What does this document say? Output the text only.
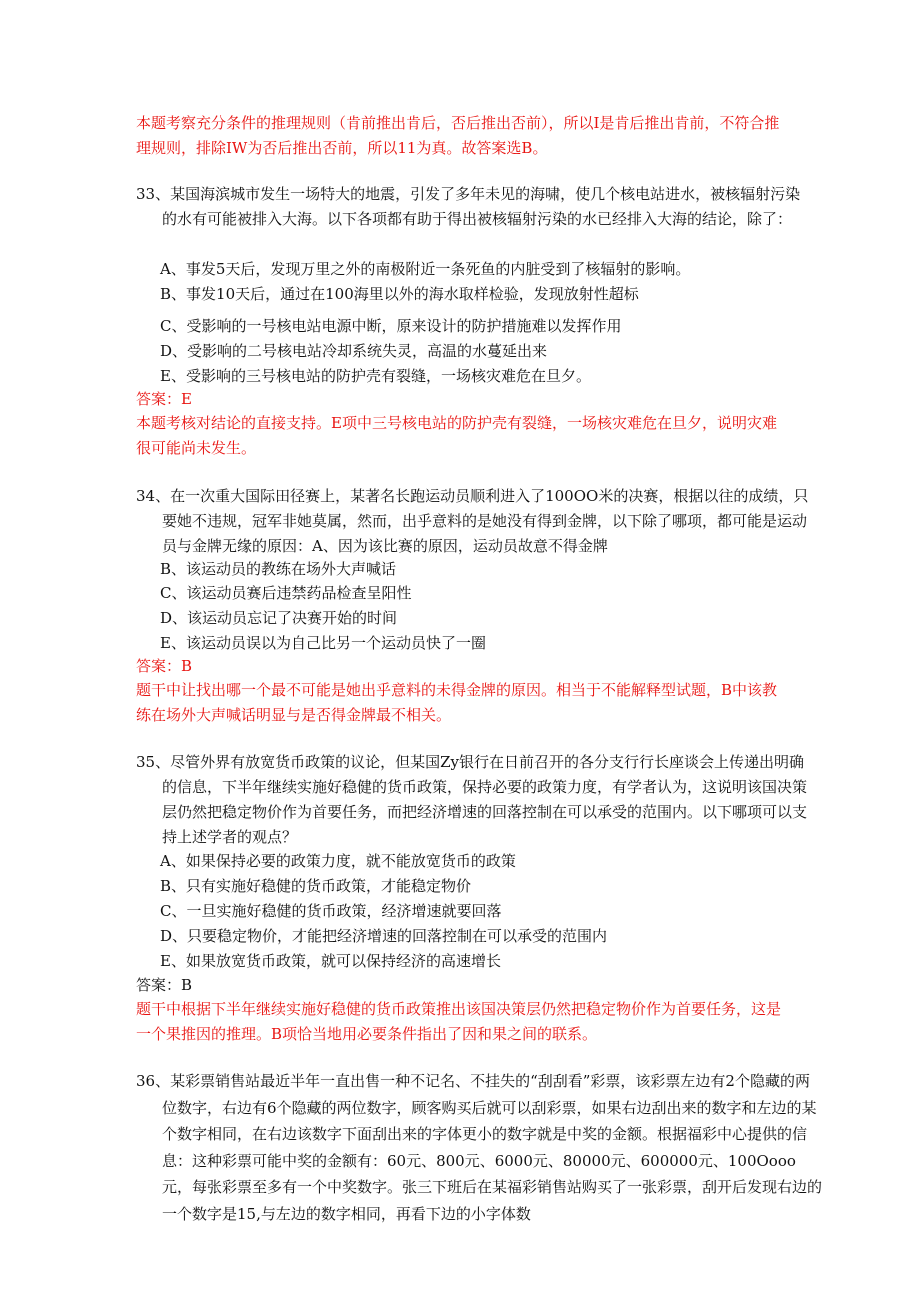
本题考察充分条件的推理规则（肯前推出肯后，否后推出否前），所以I是肯后推出肯前，不符合推理规则，排除IW为否后推出否前，所以11为真。故答案选B。
33、某国海滨城市发生一场特大的地震，引发了多年未见的海啸，使几个核电站进水，被核辐射污染的水有可能被排入大海。以下各项都有助于得出被核辐射污染的水已经排入大海的结论，除了：
A、事发5天后，发现万里之外的南极附近一条死鱼的内脏受到了核辐射的影响。
B、事发10天后，通过在100海里以外的海水取样检验，发现放射性超标
C、受影响的一号核电站电源中断，原来设计的防护措施难以发挥作用
D、受影响的二号核电站冷却系统失灵，高温的水蔓延出来
E、受影响的三号核电站的防护壳有裂缝，一场核灾难危在旦夕。
答案：E
本题考核对结论的直接支持。E项中三号核电站的防护壳有裂缝，一场核灾难危在旦夕，说明灾难很可能尚未发生。
34、在一次重大国际田径赛上，某著名长跑运动员顺利进入了100OO米的决赛，根据以往的成绩，只要她不违规，冠军非她莫属，然而，出乎意料的是她没有得到金牌，以下除了哪项，都可能是运动员与金牌无缘的原因：A、因为该比赛的原因，运动员故意不得金牌
B、该运动员的教练在场外大声喊话
C、该运动员赛后违禁药品检查呈阳性
D、该运动员忘记了决赛开始的时间
E、该运动员误以为自己比另一个运动员快了一圈
答案：B
题干中让找出哪一个最不可能是她出乎意料的未得金牌的原因。相当于不能解释型试题，B中该教练在场外大声喊话明显与是否得金牌最不相关。
35、尽管外界有放宽货币政策的议论，但某国Zy银行在日前召开的各分支行行长座谈会上传递出明确的信息，下半年继续实施好稳健的货币政策，保持必要的政策力度，有学者认为，这说明该国决策层仍然把稳定物价作为首要任务，而把经济增速的回落控制在可以承受的范围内。以下哪项可以支持上述学者的观点？
A、如果保持必要的政策力度，就不能放宽货币的政策
B、只有实施好稳健的货币政策，才能稳定物价
C、一旦实施好稳健的货币政策，经济增速就要回落
D、只要稳定物价，才能把经济增速的回落控制在可以承受的范围内
E、如果放宽货币政策，就可以保持经济的高速增长
答案：B
题干中根据下半年继续实施好稳健的货币政策推出该国决策层仍然把稳定物价作为首要任务，这是一个果推因的推理。B项恰当地用必要条件指出了因和果之间的联系。
36、某彩票销售站最近半年一直出售一种不记名、不挂失的“刮刮看”彩票，该彩票左边有2个隐藏的两位数字，右边有6个隐藏的两位数字，顾客购买后就可以刮彩票，如果右边刮出来的数字和左边的某个数字相同，在右边该数字下面刮出来的字体更小的数字就是中奖的金额。根据福彩中心提供的信息：这种彩票可能中奖的金额有：60元、800元、6000元、80000元、600000元、100Oooo元，每张彩票至多有一个中奖数字。张三下班后在某福彩销售站购买了一张彩票，刮开后发现右边的一个数字是15,与左边的数字相同，再看下边的小字体数
